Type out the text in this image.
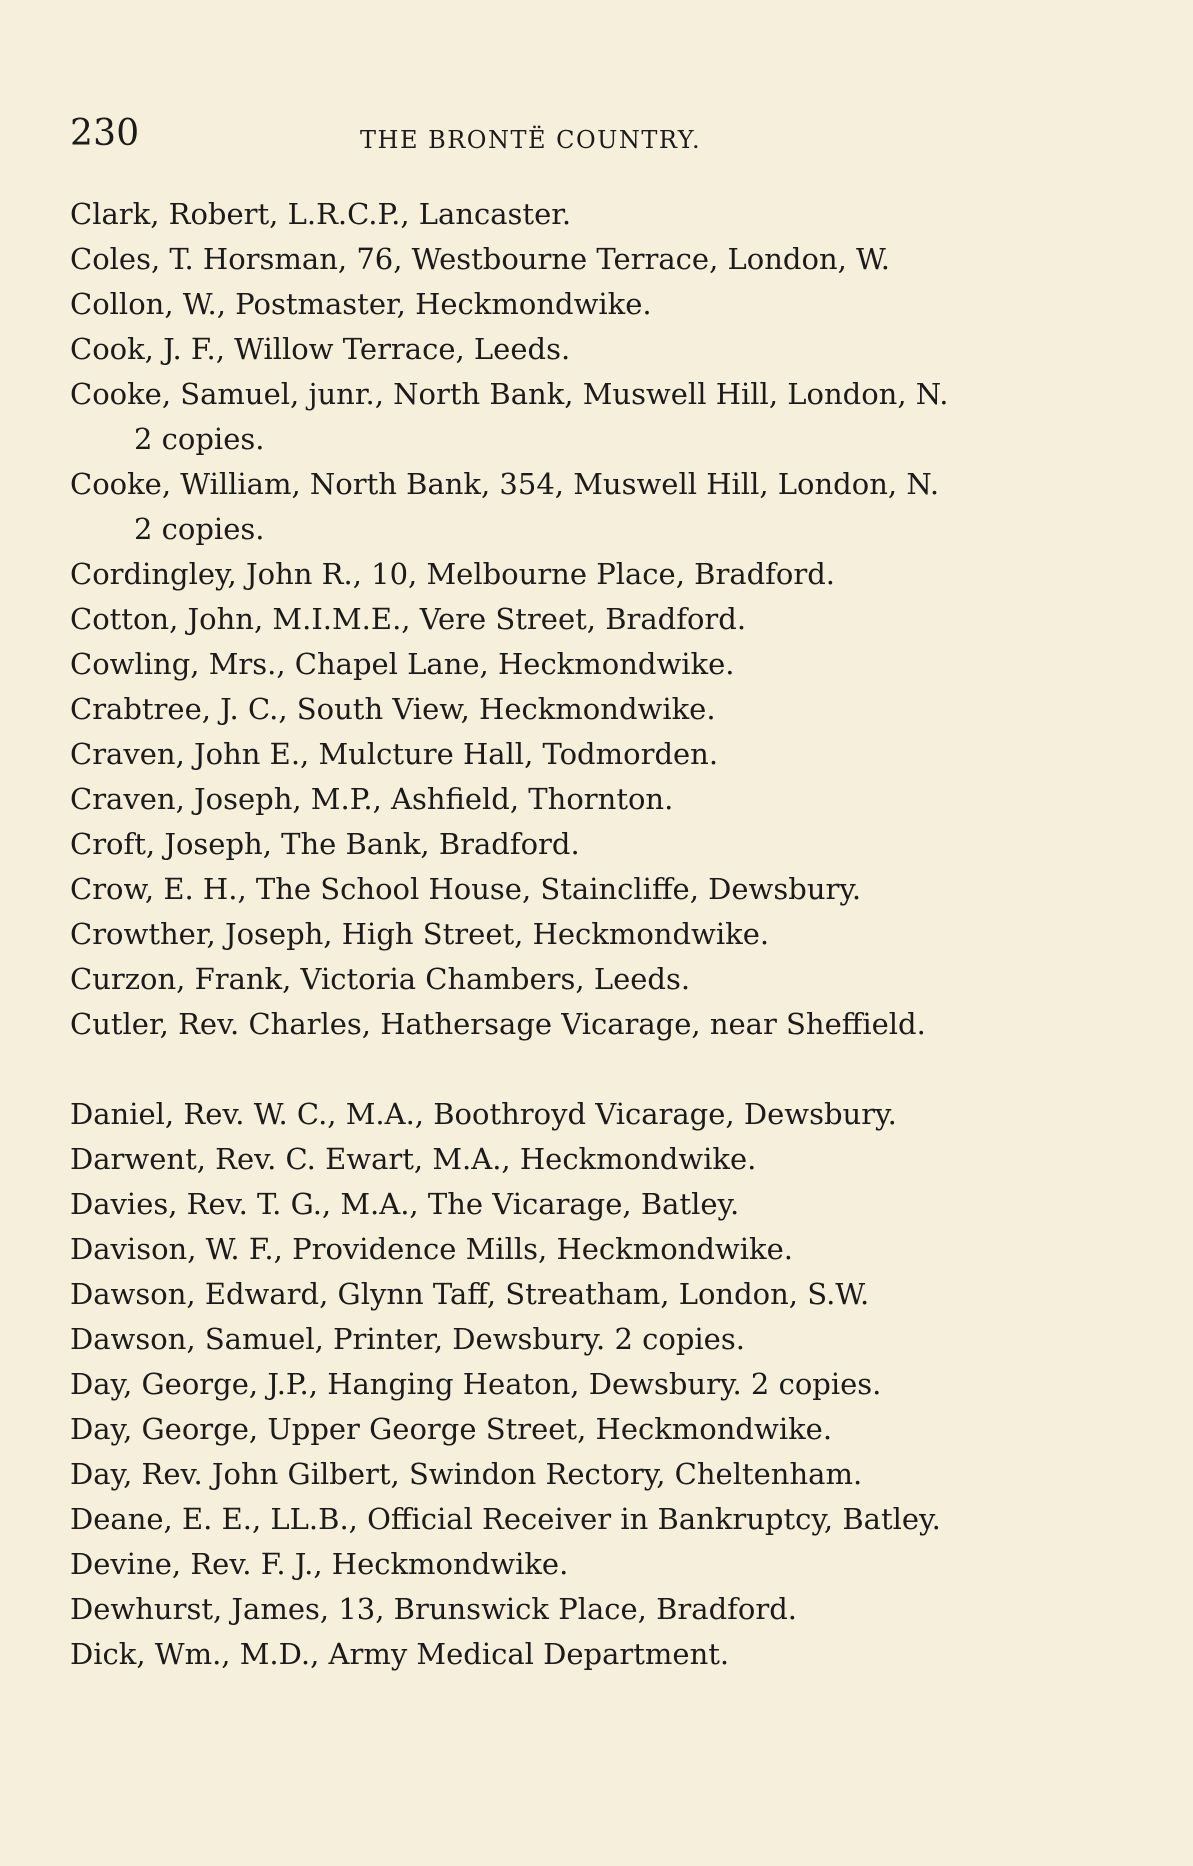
230	THE BRONTË COUNTRY.
Clark, Robert, L.R.C.P., Lancaster.
Coles, T. Horsman, 76, Westbourne Terrace, London, W.
Collon, W., Postmaster, Heckmondwike.
Cook, J. F., Willow Terrace, Leeds.
Cooke, Samuel, junr., North Bank, Muswell Hill, London, N.
2 copies.
Cooke, William, North Bank, 354, Muswell Hill, London, N.
2 copies.
Cordingley, John R., 10, Melbourne Place, Bradford.
Cotton, John, M.I.M.E., Vere Street, Bradford.
Cowling, Mrs., Chapel Lane, Heckmondwike.
Crabtree, J. C., South View, Heckmondwike.
Craven, John E., Mulcture Hall, Todmorden.
Craven, Joseph, M.P., Ashfield, Thornton.
Croft, Joseph, The Bank, Bradford.
Crow, E. H., The School House, Staincliffe, Dewsbury.
Crowther, Joseph, High Street, Heckmondwike.
Curzon, Frank, Victoria Chambers, Leeds.
Cutler, Rev. Charles, Hathersage Vicarage, near Sheffield.
Daniel, Rev. W. C., M.A., Boothroyd Vicarage, Dewsbury.
Darwent, Rev. C. Ewart, M.A., Heckmondwike.
Davies, Rev. T. G., M.A., The Vicarage, Batley.
Davison, W. F., Providence Mills, Heckmondwike.
Dawson, Edward, Glynn Taff, Streatham, London, S.W.
Dawson, Samuel, Printer, Dewsbury. 2 copies.
Day, George, J.P., Hanging Heaton, Dewsbury. 2 copies.
Day, George, Upper George Street, Heckmondwike.
Day, Rev. John Gilbert, Swindon Rectory, Cheltenham.
Deane, E. E., LL.B., Official Receiver in Bankruptcy, Batley.
Devine, Rev. F. J., Heckmondwike.
Dewhurst, James, 13, Brunswick Place, Bradford.
Dick, Wm., M.D., Army Medical Department.
